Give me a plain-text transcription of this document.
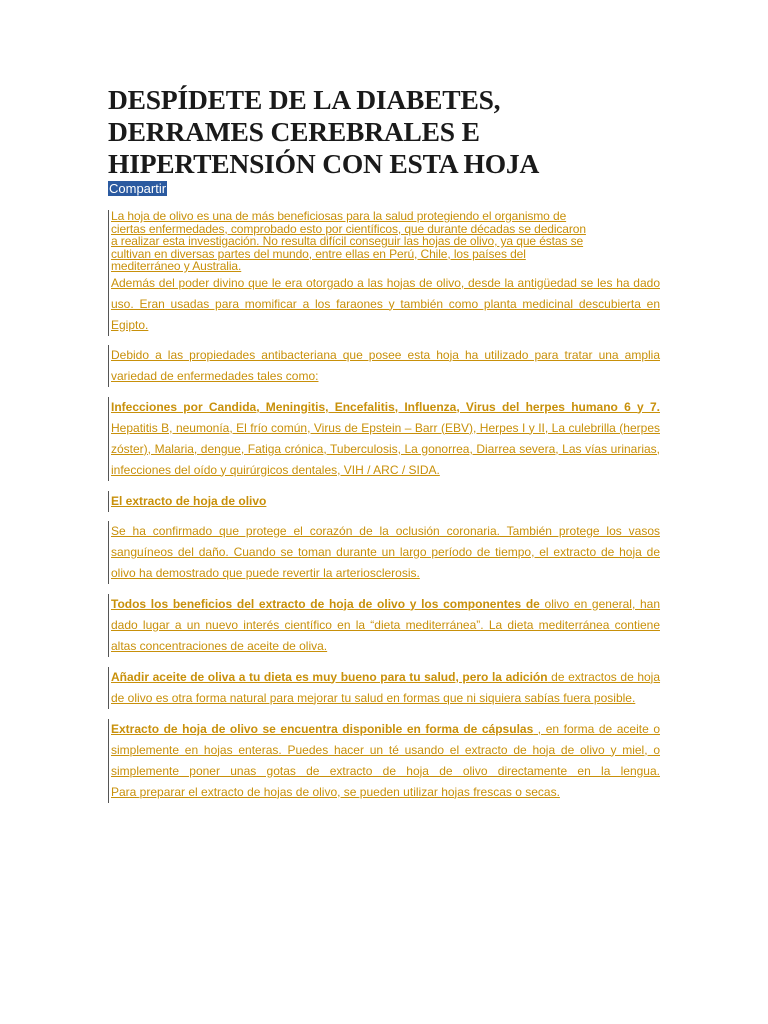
DESPÍDETE DE LA DIABETES,
DERRAMES CEREBRALES E
HIPERTENSIÓN CON ESTA HOJA
Compartir

La hoja de olivo es una de más beneficiosas para la salud protegiendo el organismo de

ciertas enfermedades, comprobado esto por científicos, que durante décadas se dedicaron

a realizar esta investigación. No resulta difícil conseguir las hojas de olivo, ya que éstas se

cultivan en diversas partes del mundo, entre ellas en Perú, Chile, los países del

mediterráneo y Australia.

Además del poder divino que le era otorgado a las hojas de olivo, desde la antigüedad se les ha dado uso. Eran usadas para momificar a los faraones y también como planta medicinal descubierta en Egipto.

Debido a las propiedades antibacteriana que posee esta hoja ha utilizado para tratar una amplia variedad de enfermedades tales como:

Infecciones por Candida, Meningitis, Encefalitis, Influenza, Virus del herpes humano 6 y 7. Hepatitis B, neumonía, El frío común, Virus de Epstein – Barr (EBV), Herpes I y II, La culebrilla (herpes zóster), Malaria, dengue, Fatiga crónica, Tuberculosis, La gonorrea, Diarrea severa, Las vías urinarias, infecciones del oído y quirúrgicos dentales, VIH / ARC / SIDA.

El extracto de hoja de olivo

Se ha confirmado que protege el corazón de la oclusión coronaria. También protege los vasos sanguíneos del daño. Cuando se toman durante un largo período de tiempo, el extracto de hoja de olivo ha demostrado que puede revertir la arteriosclerosis.

Todos los beneficios del extracto de hoja de olivo y los componentes de olivo en general, han dado lugar a un nuevo interés científico en la “dieta mediterránea”. La dieta mediterránea contiene altas concentraciones de aceite de oliva.

Añadir aceite de oliva a tu dieta es muy bueno para tu salud, pero la adición de extractos de hoja de olivo es otra forma natural para mejorar tu salud en formas que ni siquiera sabías fuera posible.

Extracto de hoja de olivo se encuentra disponible en forma de cápsulas , en forma de aceite o simplemente en hojas enteras. Puedes hacer un té usando el extracto de hoja de olivo y miel, o simplemente poner unas gotas de extracto de hoja de olivo directamente en la lengua.

Para preparar el extracto de hojas de olivo, se pueden utilizar hojas frescas o secas.
